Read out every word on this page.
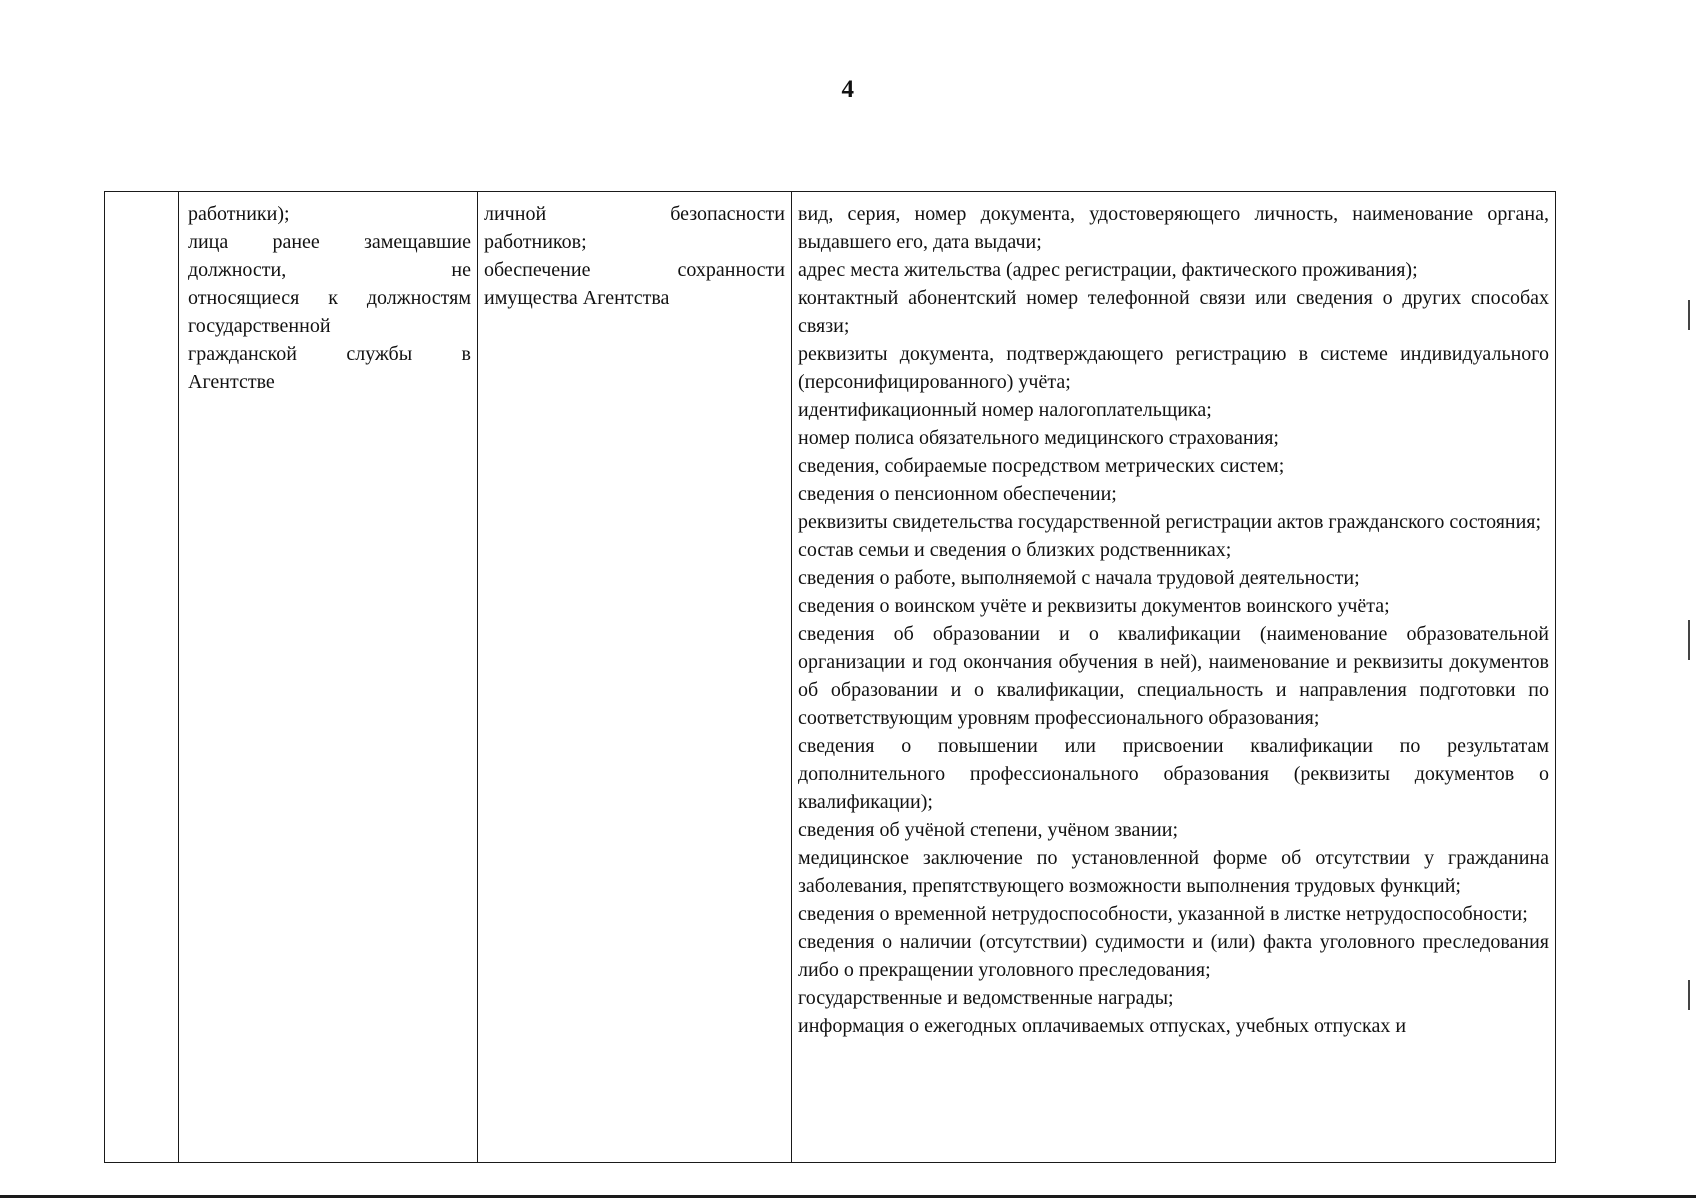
4
работники);
лица ранее замещавшие
должности, не
относящиеся к должностям
государственной
гражданской службы в
Агентстве
личной безопасности
работников;
обеспечение сохранности
имущества Агентства
вид, серия, номер документа, удостоверяющего личность, наименование органа, выдавшего его, дата выдачи;
адрес места жительства (адрес регистрации, фактического проживания);
контактный абонентский номер телефонной связи или сведения о других способах связи;
реквизиты документа, подтверждающего регистрацию в системе индивидуального (персонифицированного) учёта;
идентификационный номер налогоплательщика;
номер полиса обязательного медицинского страхования;
сведения, собираемые посредством метрических систем;
сведения о пенсионном обеспечении;
реквизиты свидетельства государственной регистрации актов гражданского состояния;
состав семьи и сведения о близких родственниках;
сведения о работе, выполняемой с начала трудовой деятельности;
сведения о воинском учёте и реквизиты документов воинского учёта;
сведения об образовании и о квалификации (наименование образовательной организации и год окончания обучения в ней), наименование и реквизиты документов об образовании и о квалификации, специальность и направления подготовки по соответствующим уровням профессионального образования;
сведения о повышении или присвоении квалификации по результатам дополнительного профессионального образования (реквизиты документов о квалификации);
сведения об учёной степени, учёном звании;
медицинское заключение по установленной форме об отсутствии у гражданина заболевания, препятствующего возможности выполнения трудовых функций;
сведения о временной нетрудоспособности, указанной в листке нетрудоспособности;
сведения о наличии (отсутствии) судимости и (или) факта уголовного преследования либо о прекращении уголовного преследования;
государственные и ведомственные награды;
информация о ежегодных оплачиваемых отпусках, учебных отпусках и
